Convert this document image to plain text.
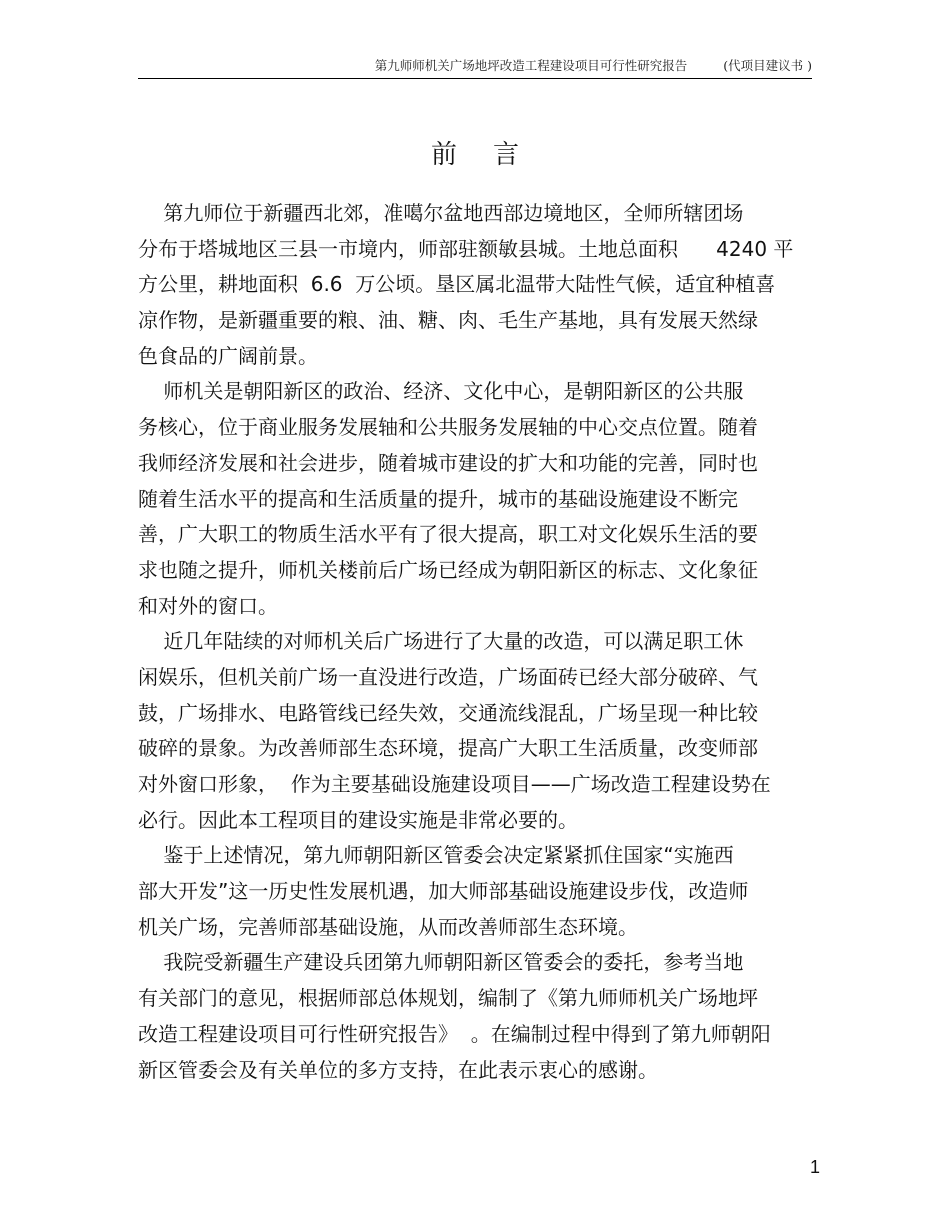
第九师师机关广场地坪改造工程建设项目可行性研究报告	(代项目建议书 )
前言
第九师位于新疆西北郊，准噶尔盆地西部边境地区，全师所辖团场
分布于塔城地区三县一市境内，师部驻额敏县城。土地总面积      4240 平
方公里，耕地面积  6.6  万公顷。垦区属北温带大陆性气候，适宜种植喜
凉作物，是新疆重要的粮、油、糖、肉、毛生产基地，具有发展天然绿
色食品的广阔前景。
师机关是朝阳新区的政治、经济、文化中心，是朝阳新区的公共服
务核心，位于商业服务发展轴和公共服务发展轴的中心交点位置。随着
我师经济发展和社会进步，随着城市建设的扩大和功能的完善，同时也
随着生活水平的提高和生活质量的提升，城市的基础设施建设不断完
善，广大职工的物质生活水平有了很大提高，职工对文化娱乐生活的要
求也随之提升，师机关楼前后广场已经成为朝阳新区的标志、文化象征
和对外的窗口。
近几年陆续的对师机关后广场进行了大量的改造，可以满足职工休
闲娱乐，但机关前广场一直没进行改造，广场面砖已经大部分破碎、气
鼓，广场排水、电路管线已经失效，交通流线混乱，广场呈现一种比较
破碎的景象。为改善师部生态环境，提高广大职工生活质量，改变师部
对外窗口形象，  作为主要基础设施建设项目——广场改造工程建设势在
必行。因此本工程项目的建设实施是非常必要的。
鉴于上述情况，第九师朝阳新区管委会决定紧紧抓住国家“实施西
部大开发”这一历史性发展机遇，加大师部基础设施建设步伐，改造师
机关广场，完善师部基础设施，从而改善师部生态环境。
我院受新疆生产建设兵团第九师朝阳新区管委会的委托，参考当地
有关部门的意见，根据师部总体规划，编制了《第九师师机关广场地坪
改造工程建设项目可行性研究报告》  。在编制过程中得到了第九师朝阳
新区管委会及有关单位的多方支持，在此表示衷心的感谢。
1
